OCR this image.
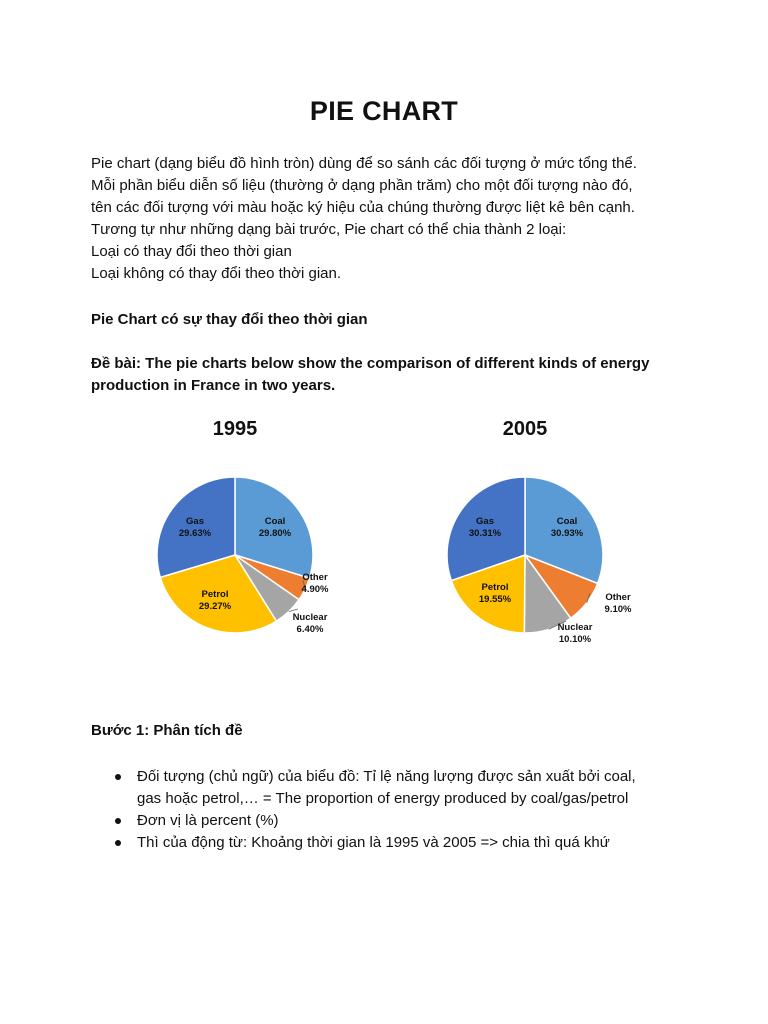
PIE CHART
Pie chart (dạng biểu đồ hình tròn) dùng để so sánh các đối tượng ở mức tổng thể.
Mỗi phần biểu diễn số liệu (thường ở dạng phần trăm) cho một đối tượng nào đó,
tên các đối tượng với màu hoặc ký hiệu của chúng thường được liệt kê bên cạnh.
Tương tự như những dạng bài trước, Pie chart có thể chia thành 2 loại:
Loại có thay đổi theo thời gian
Loại không có thay đổi theo thời gian.
Pie Chart có sự thay đổi theo thời gian
Đề bài: The pie charts below show the comparison of different kinds of energy
production in France in two years.
1995
Coal
29.80%
Other
4.90%
Nuclear
6.40%
Petrol
29.27%
Gas
29.63%
2005
Coal
30.93%
Other
9.10%
Nuclear
10.10%
Petrol
19.55%
Gas
30.31%
Bước 1: Phân tích đề
Đối tượng (chủ ngữ) của biểu đồ: Tỉ lệ năng lượng được sản xuất bởi coal,
gas hoặc petrol,… = The proportion of energy produced by coal/gas/petrol
Đơn vị là percent (%)
Thì của động từ: Khoảng thời gian là 1995 và 2005 => chia thì quá khứ
